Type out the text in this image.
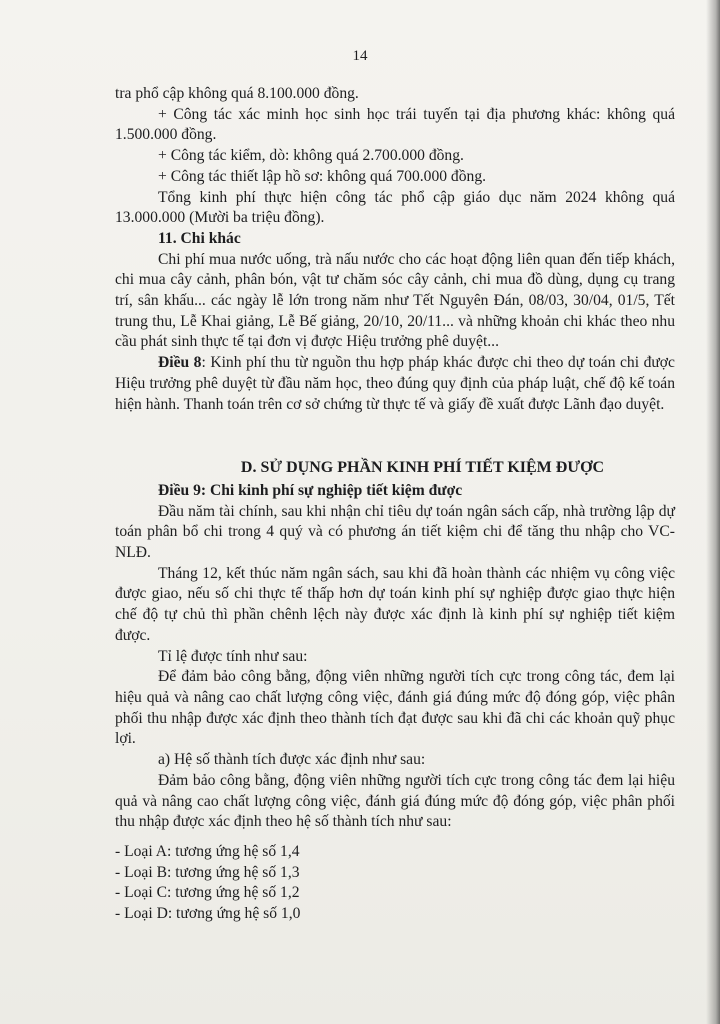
14

tra phổ cập không quá 8.100.000 đồng.

+ Công tác xác minh học sinh học trái tuyến tại địa phương khác: không quá 1.500.000 đồng.

+ Công tác kiểm, dò: không quá 2.700.000 đồng.

+ Công tác thiết lập hồ sơ: không quá 700.000 đồng.

Tổng kinh phí thực hiện công tác phổ cập giáo dục năm 2024 không quá 13.000.000 (Mười ba triệu đồng).

11. Chi khác

Chi phí mua nước uống, trà nấu nước cho các hoạt động liên quan đến tiếp khách, chi mua cây cảnh, phân bón, vật tư chăm sóc cây cảnh, chi mua đồ dùng, dụng cụ trang trí, sân khấu... các ngày lễ lớn trong năm như Tết Nguyên Đán, 08/03, 30/04, 01/5, Tết trung thu, Lễ Khai giảng, Lễ Bế giảng, 20/10, 20/11... và những khoản chi khác theo nhu cầu phát sinh thực tế tại đơn vị được Hiệu trưởng phê duyệt...

Điều 8: Kinh phí thu từ nguồn thu hợp pháp khác được chi theo dự toán chi được Hiệu trưởng phê duyệt từ đầu năm học, theo đúng quy định của pháp luật, chế độ kế toán hiện hành. Thanh toán trên cơ sở chứng từ thực tế và giấy đề xuất được Lãnh đạo duyệt.

D. SỬ DỤNG PHẦN KINH PHÍ TIẾT KIỆM ĐƯỢC

Điều 9: Chi kinh phí sự nghiệp tiết kiệm được

Đầu năm tài chính, sau khi nhận chỉ tiêu dự toán ngân sách cấp, nhà trường lập dự toán phân bổ chi trong 4 quý và có phương án tiết kiệm chi để tăng thu nhập cho VC-NLĐ.

Tháng 12, kết thúc năm ngân sách, sau khi đã hoàn thành các nhiệm vụ công việc được giao, nếu số chi thực tế thấp hơn dự toán kinh phí sự nghiệp được giao thực hiện chế độ tự chủ thì phần chênh lệch này được xác định là kinh phí sự nghiệp tiết kiệm được.

Tỉ lệ được tính như sau:

Để đảm bảo công bằng, động viên những người tích cực trong công tác, đem lại hiệu quả và nâng cao chất lượng công việc, đánh giá đúng mức độ đóng góp, việc phân phối thu nhập được xác định theo thành tích đạt được sau khi đã chi các khoản quỹ phục lợi.

a) Hệ số thành tích được xác định như sau:

Đảm bảo công bằng, động viên những người tích cực trong công tác đem lại hiệu quả và nâng cao chất lượng công việc, đánh giá đúng mức độ đóng góp, việc phân phối thu nhập được xác định theo hệ số thành tích như sau:

- Loại A: tương ứng hệ số 1,4

- Loại B: tương ứng hệ số 1,3

- Loại C: tương ứng hệ số 1,2

- Loại D: tương ứng hệ số 1,0
